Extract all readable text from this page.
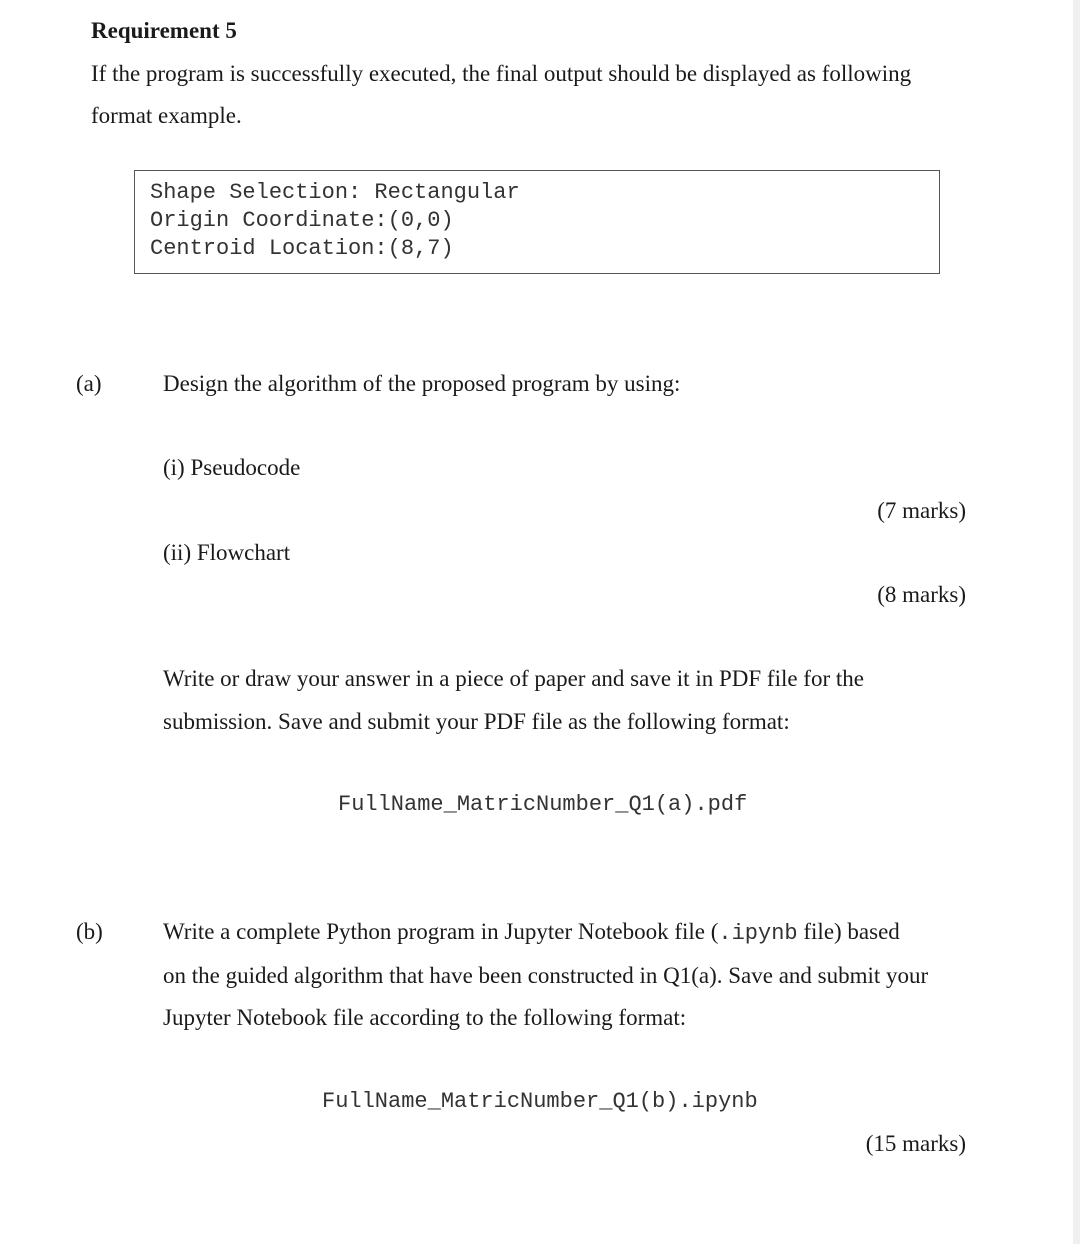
Requirement 5
If the program is successfully executed, the final output should be displayed as following
format example.
Shape Selection: Rectangular
Origin Coordinate:(0,0)
Centroid Location:(8,7)
(a)	Design the algorithm of the proposed program by using:
(i) Pseudocode
(7 marks)
(ii) Flowchart
(8 marks)
Write or draw your answer in a piece of paper and save it in PDF file for the
submission. Save and submit your PDF file as the following format:
FullName_MatricNumber_Q1(a).pdf
(b)	Write a complete Python program in Jupyter Notebook file (.ipynb file) based
on the guided algorithm that have been constructed in Q1(a). Save and submit your
Jupyter Notebook file according to the following format:
FullName_MatricNumber_Q1(b).ipynb
(15 marks)
